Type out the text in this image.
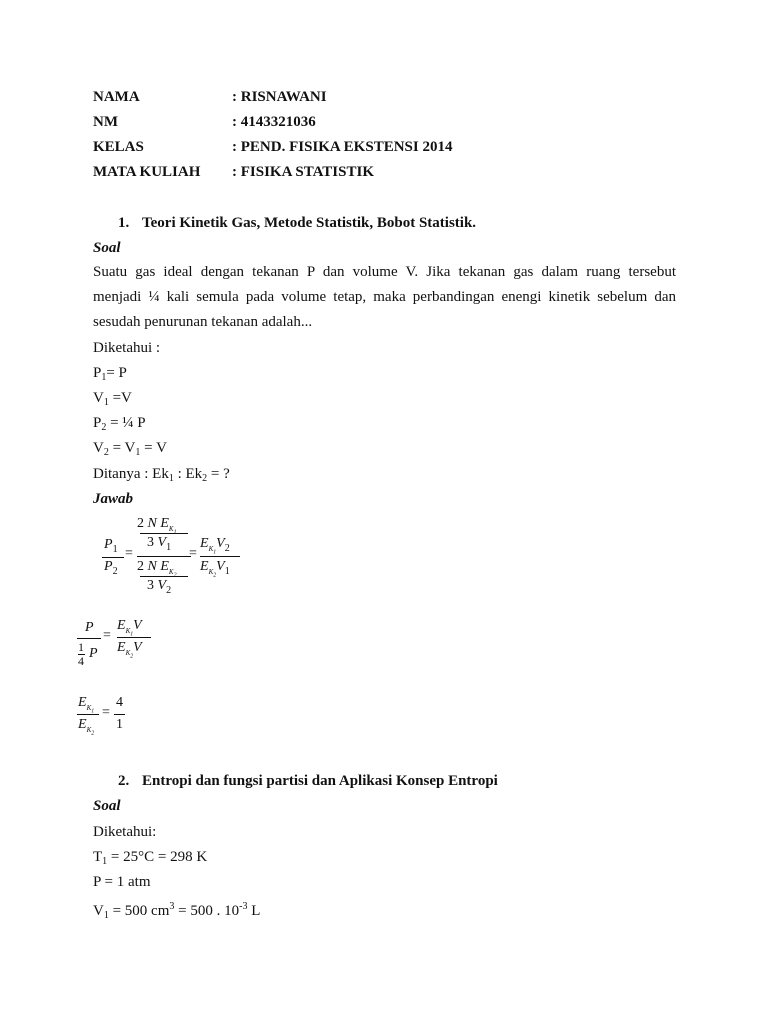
NAMA	: RISNAWANI
NM	: 4143321036
KELAS	: PEND. FISIKA EKSTENSI 2014
MATA KULIAH : FISIKA STATISTIK
1. Teori Kinetik Gas, Metode Statistik, Bobot Statistik.
Soal
Suatu gas ideal dengan tekanan P dan volume V. Jika tekanan gas dalam ruang tersebut
menjadi ¼ kali semula pada volume tetap, maka perbandingan enengi kinetik sebelum dan
sesudah penurunan tekanan adalah...
Diketahui :
$P_1= P$
$V_1 =V$
$P_2$ = ¼ P
$V_2 = V_1 = V$
Ditanya : $Ek_1$ : $Ek_2$ = ?
Jawab
$P_1$
$P_2$
=
2 N $E_K$
3 $V_1$
2 N $E_K$
3 $V_2$
=
$E_{K_1}V_2$
$E_{K_2}V_1$
P
1
4 P
=
$E_{K_1}V$
$E_{K_2}V$
$E_{K_1}$
$E_{K_2}$
=
4
1
2. Entropi dan fungsi partisi dan Aplikasi Konsep Entropi
Soal
Diketahui:
$T_1 = 25^\circ C = 298$ K
P = 1 atm
$V_1 = 500$ $cm^3 = 500$ . $10^{-3}$ L
